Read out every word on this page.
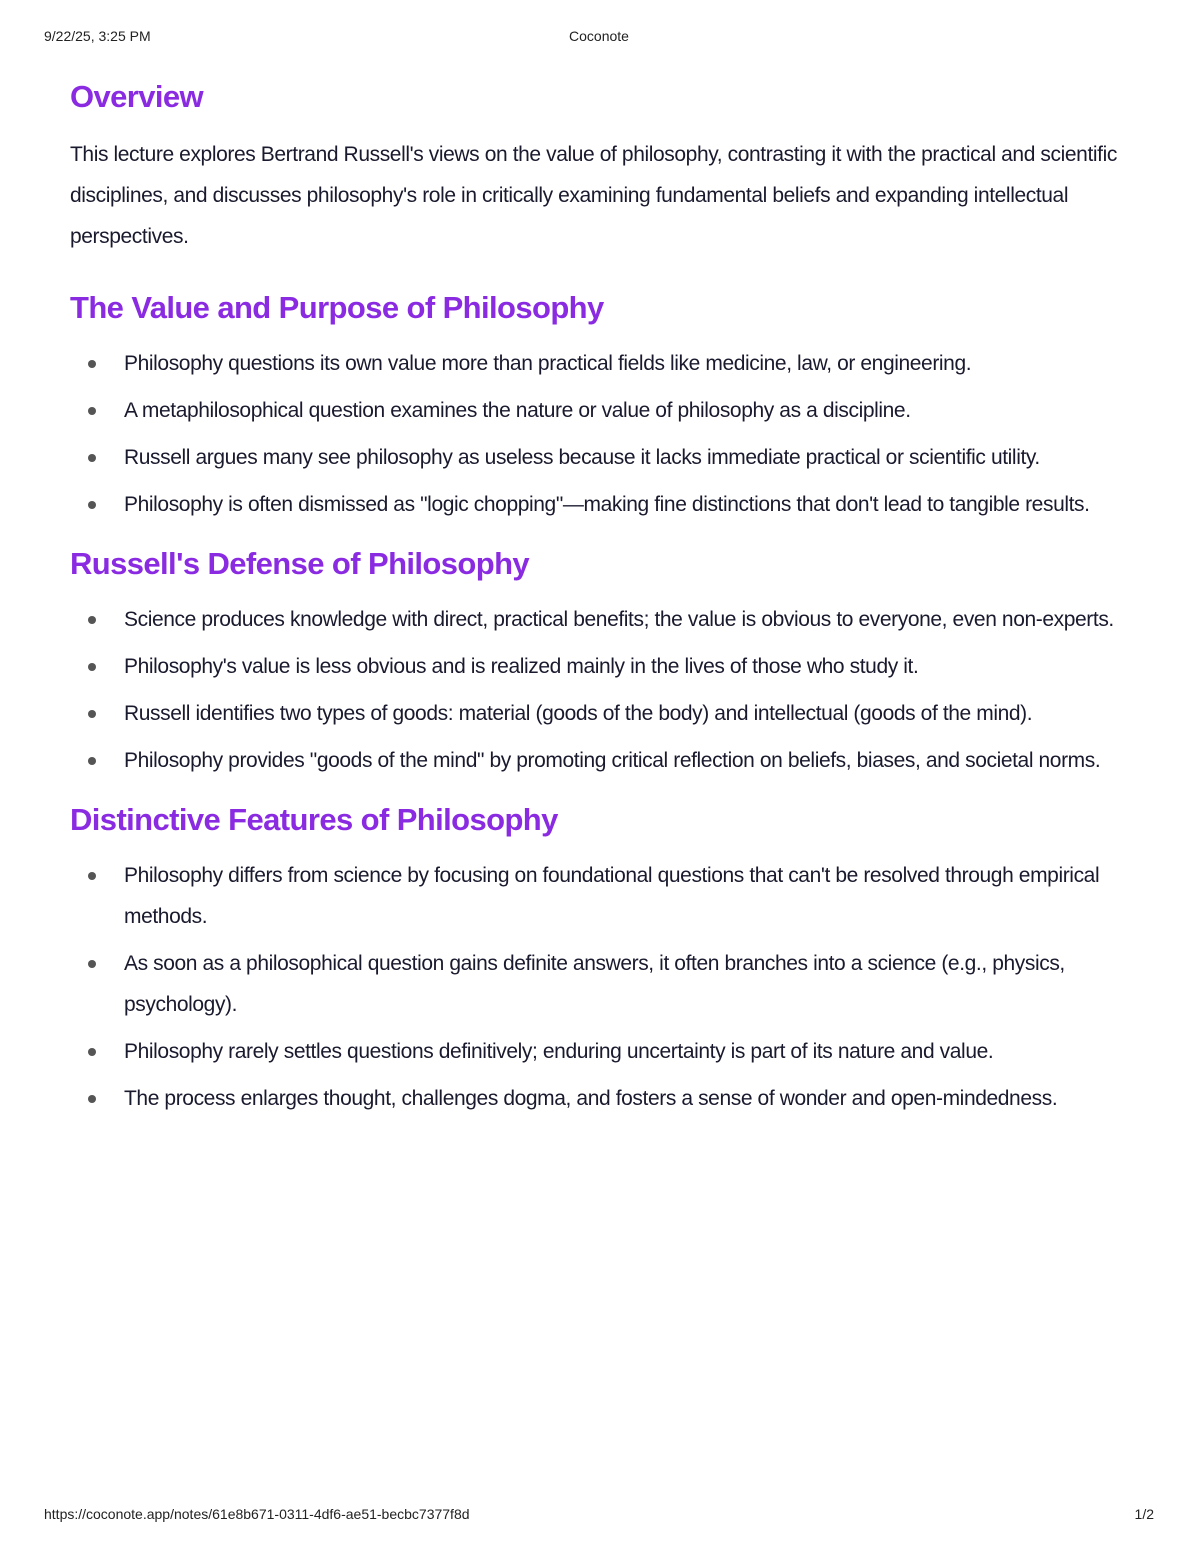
9/22/25, 3:25 PM	Coconote
Overview

This lecture explores Bertrand Russell's views on the value of philosophy, contrasting it with the practical and scientific disciplines, and discusses philosophy's role in critically examining fundamental beliefs and expanding intellectual perspectives.

The Value and Purpose of Philosophy
Philosophy questions its own value more than practical fields like medicine, law, or engineering.
A metaphilosophical question examines the nature or value of philosophy as a discipline.
Russell argues many see philosophy as useless because it lacks immediate practical or scientific utility.
Philosophy is often dismissed as "logic chopping"—making fine distinctions that don't lead to tangible results.
Russell's Defense of Philosophy
Science produces knowledge with direct, practical benefits; the value is obvious to everyone, even non-experts.
Philosophy's value is less obvious and is realized mainly in the lives of those who study it.
Russell identifies two types of goods: material (goods of the body) and intellectual (goods of the mind).
Philosophy provides "goods of the mind" by promoting critical reflection on beliefs, biases, and societal norms.
Distinctive Features of Philosophy
Philosophy differs from science by focusing on foundational questions that can't be resolved through empirical methods.
As soon as a philosophical question gains definite answers, it often branches into a science (e.g., physics, psychology).
Philosophy rarely settles questions definitively; enduring uncertainty is part of its nature and value.
The process enlarges thought, challenges dogma, and fosters a sense of wonder and open-mindedness.
https://coconote.app/notes/61e8b671-0311-4df6-ae51-becbc7377f8d	1/2
